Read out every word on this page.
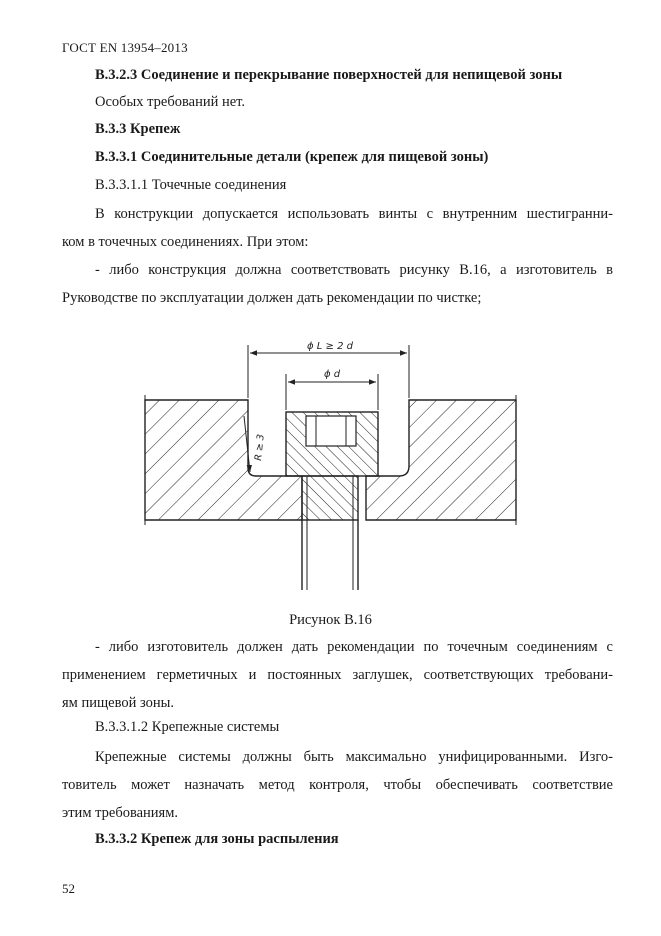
ГОСТ EN 13954–2013
В.3.2.3 Соединение и перекрывание поверхностей для непищевой зоны
Особых требований нет.
В.3.3 Крепеж
В.3.3.1 Соединительные детали (крепеж для пищевой зоны)
В.3.3.1.1 Точечные соединения
В конструкции допускается использовать винты с внутренним шестигранни-
ком в точечных соединениях. При этом:
- либо конструкция должна соответствовать рисунку В.16, а изготовитель в
Руководстве по эксплуатации должен дать рекомендации по чистке;
ϕ L ≥ 2 d
ϕ d
R ≥ 3
Рисунок В.16
- либо изготовитель должен дать рекомендации по точечным соединениям с
применением герметичных и постоянных заглушек, соответствующих требовани-
ям пищевой зоны.
В.3.3.1.2 Крепежные системы
Крепежные системы должны быть максимально унифицированными. Изго-
товитель может назначать метод контроля, чтобы обеспечивать соответствие
этим требованиям.
В.3.3.2 Крепеж для зоны распыления
52
